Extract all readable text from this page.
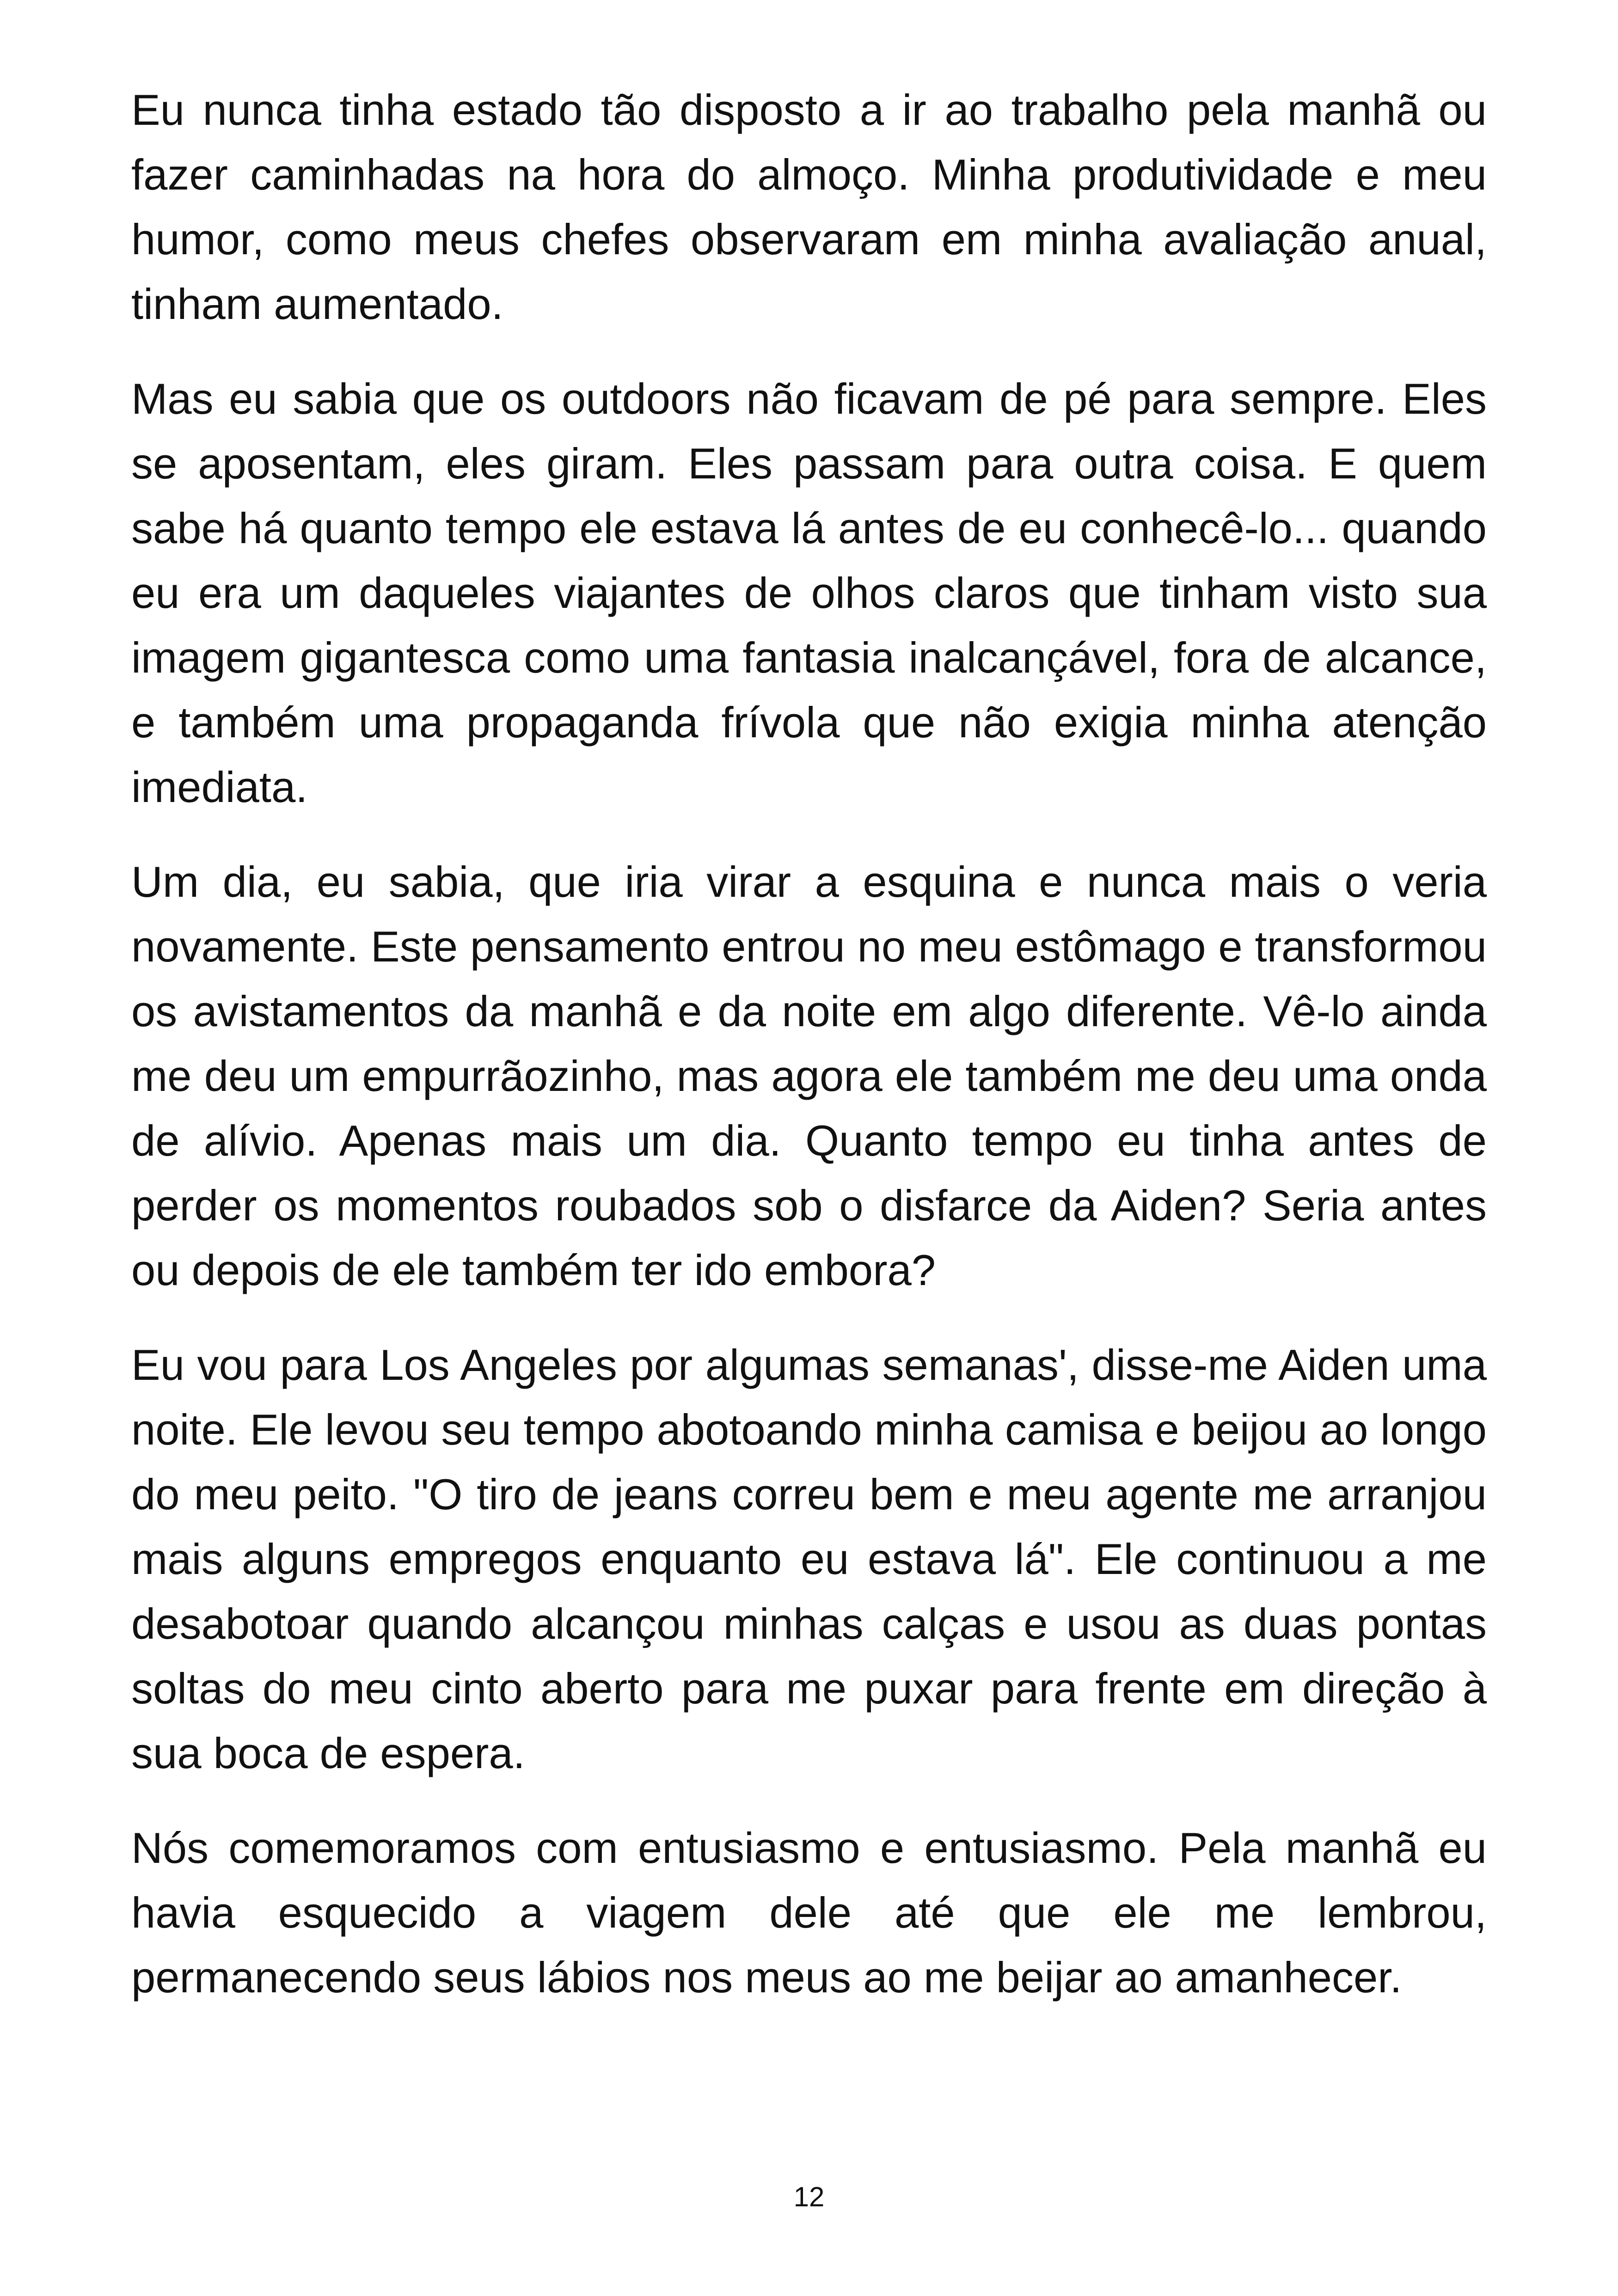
Eu nunca tinha estado tão disposto a ir ao trabalho pela manhã ou fazer caminhadas na hora do almoço. Minha produtividade e meu humor, como meus chefes observaram em minha avaliação anual, tinham aumentado.

Mas eu sabia que os outdoors não ficavam de pé para sempre. Eles se aposentam, eles giram. Eles passam para outra coisa. E quem sabe há quanto tempo ele estava lá antes de eu conhecê-lo... quando eu era um daqueles viajantes de olhos claros que tinham visto sua imagem gigantesca como uma fantasia inalcançável, fora de alcance, e também uma propaganda frívola que não exigia minha atenção imediata.

Um dia, eu sabia, que iria virar a esquina e nunca mais o veria novamente. Este pensamento entrou no meu estômago e transformou os avistamentos da manhã e da noite em algo diferente. Vê-lo ainda me deu um empurrãozinho, mas agora ele também me deu uma onda de alívio. Apenas mais um dia. Quanto tempo eu tinha antes de perder os momentos roubados sob o disfarce da Aiden? Seria antes ou depois de ele também ter ido embora?

Eu vou para Los Angeles por algumas semanas', disse-me Aiden uma noite. Ele levou seu tempo abotoando minha camisa e beijou ao longo do meu peito. "O tiro de jeans correu bem e meu agente me arranjou mais alguns empregos enquanto eu estava lá". Ele continuou a me desabotoar quando alcançou minhas calças e usou as duas pontas soltas do meu cinto aberto para me puxar para frente em direção à sua boca de espera.

Nós comemoramos com entusiasmo e entusiasmo. Pela manhã eu havia esquecido a viagem dele até que ele me lembrou, permanecendo seus lábios nos meus ao me beijar ao amanhecer.

12
